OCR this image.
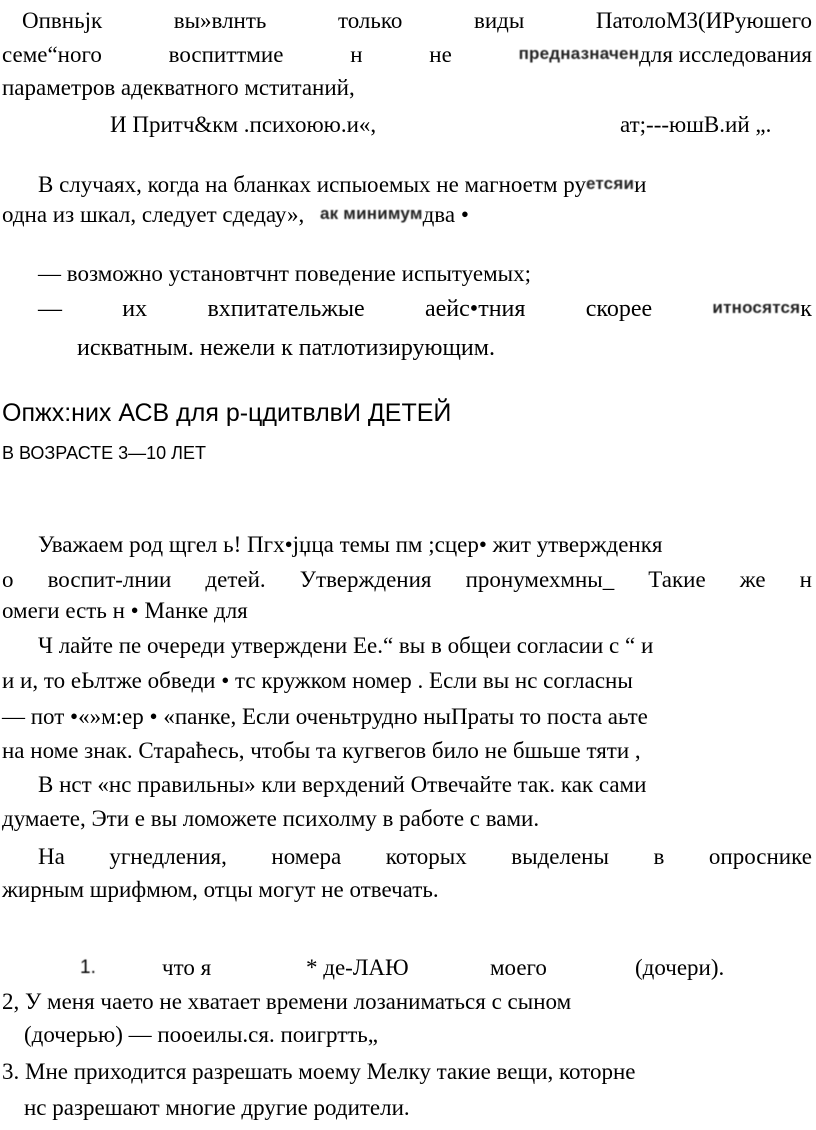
Опвньјк	вы»влнть	только	виды	ПатолоМ3(ИРуюшего
семе“ного	воспиттмие	н	не	предназначендля исследования
параметров адекватного мститаний,
И Притч&км .психоюю.и«,	ат;---юшВ.ий „.
В случаях, когда на бланках испыоемых не магноетм руетсяии
одна из шкал, следует сдедау», ак минимумдва •
— возможно установтчнт поведение испытуемых;
—	их	вхпитательжые	аейс•тния	скорее	итносятсяк
искватным. нежели к патлотизирующим.
Опжх:них АСВ для р-цдитвлвИ ДЕТЕЙ
В ВОЗРАСТЕ 3—10 ЛЕТ
Уважаем род щгел ь! Пгх•јџца темы пм ;сцер• жит утвержденкя
о воспит-лнии детей. Утверждения пронумехмны_ Такие же н
омеги есть н • Манке для
Ч лайте пе очереди утверждени Ее.“ вы в общеи согласии с “ и
и и, то еЬлтже обведи • тс кружком номер . Если вы нс согласны
— пот •«»м:ер • «панке, Если оченьтрудно ныПраты то поста аьте
на номе знак. Стараћесь, чтобы та кугвегов било не бшьше тяти ,
В нст «нс правильны» кли верхдений Отвечайте так. как сами
думаете, Эти е вы ломожете психолму в работе с вами.
На угнедления, номера которых выделены в опроснике
жирным шрифмюм, отцы могут не отвечать.
1.	что я	* де-ЛАЮ	моего	(дочери).
2, У меня чаето не хватает времени лозаниматься с сыном
(дочерью) — пооеилы.ся. поигртть„
3. Мне приходится разрешать моему Мелку такие вещи, которне
нс разрешают многие другие родители.
